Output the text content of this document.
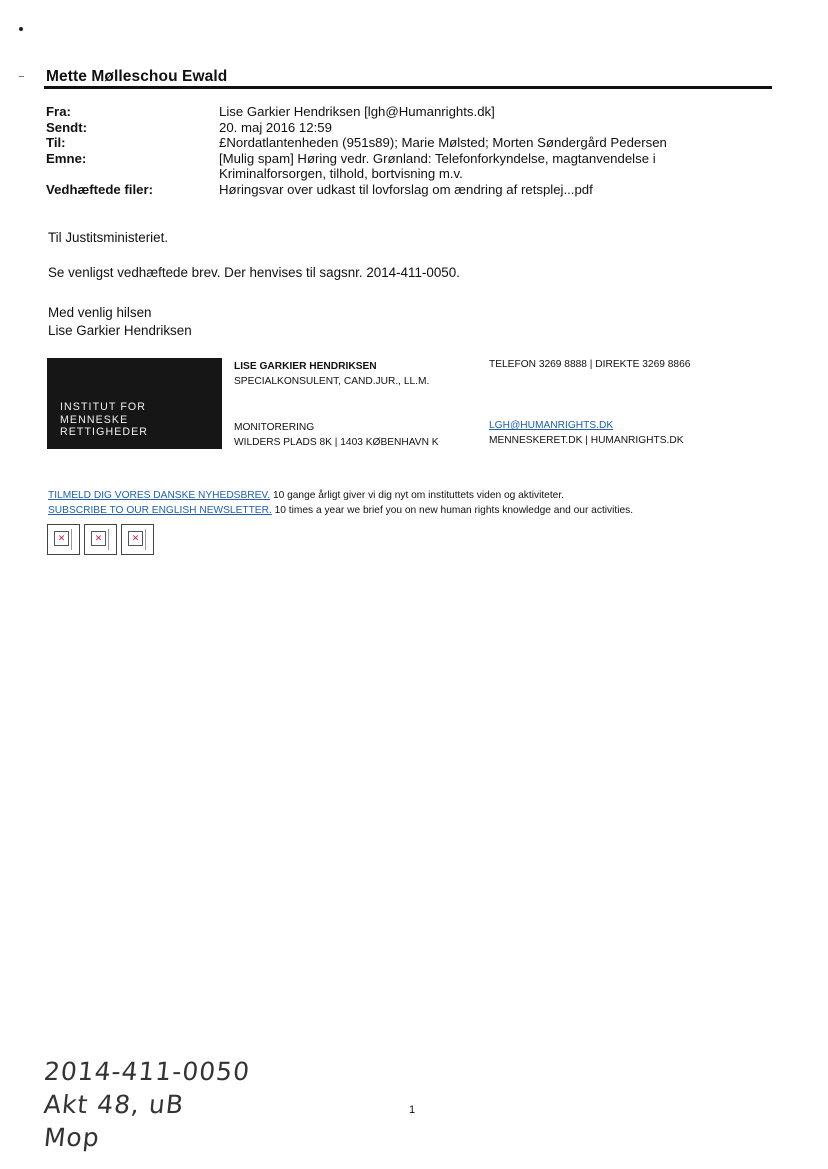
Mette Mølleschou Ewald
Fra:	Lise Garkier Hendriksen [lgh@Humanrights.dk]
Sendt:	20. maj 2016 12:59
Til:	£Nordatlantenheden (951s89); Marie Mølsted; Morten Søndergård Pedersen
Emne:	[Mulig spam] Høring vedr. Grønland: Telefonforkyndelse, magtanvendelse i
Kriminalforsorgen, tilhold, bortvisning m.v.
Vedhæftede filer:	Høringsvar over udkast til lovforslag om ændring af retsplej...pdf
Til Justitsministeriet.
Se venligst vedhæftede brev. Der henvises til sagsnr. 2014-411-0050.
Med venlig hilsen
Lise Garkier Hendriksen
INSTITUT FOR
MENNESKE
RETTIGHEDER
LISE GARKIER HENDRIKSEN
SPECIALKONSULENT, CAND.JUR., LL.M.
TELEFON 3269 8888 | DIREKTE 3269 8866
MONITORERING
WILDERS PLADS 8K | 1403 KØBENHAVN K
LGH@HUMANRIGHTS.DK
MENNESKERET.DK | HUMANRIGHTS.DK
TILMELD DIG VORES DANSKE NYHEDSBREV. 10 gange årligt giver vi dig nyt om instituttets viden og aktiviteter.
SUBSCRIBE TO OUR ENGLISH NEWSLETTER. 10 times a year we brief you on new human rights knowledge and our activities.
✕	✕	✕
1
2014-411-0050
Akt 48, uB
Mop
